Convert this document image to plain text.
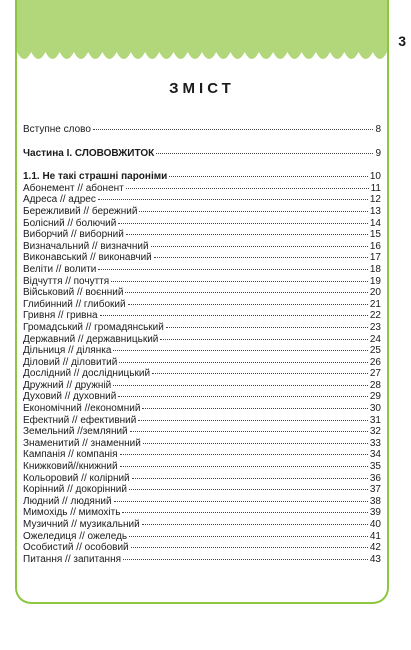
3
ЗМІСТ
Вступне слово	8
Частина І. СЛОВОВЖИТОК	9
1.1. Не такі страшні пароніми	10
Абонемент // абонент	11
Адреса // адрес	12
Бережливий // бережний	13
Болісний // болючий	14
Виборчий // виборний	15
Визначальний // визначний	16
Виконавський // виконавчий	17
Веліти // волити	18
Відчуття // почуття	19
Військовий // воєнний	20
Глибинний // глибокий	21
Гривня // гривна	22
Громадський // громадянський	23
Державний // державницький	24
Дільниця // ділянка	25
Діловий // діловитий	26
Дослідний // дослідницький	27
Дружний // дружній	28
Духовий // духовний	29
Економічний //економний	30
Ефектний // ефективний	31
Земельний //земляний	32
Знаменитий // знаменний	33
Кампанія // компанія	34
Книжковий//книжний	35
Кольоровий // колірний	36
Корінний // докорінний	37
Людний // людяний	38
Мимохідь // мимохіть	39
Музичний // музикальний	40
Ожеледиця // ожеледь	41
Особистий // особовий	42
Питання // запитання	43
